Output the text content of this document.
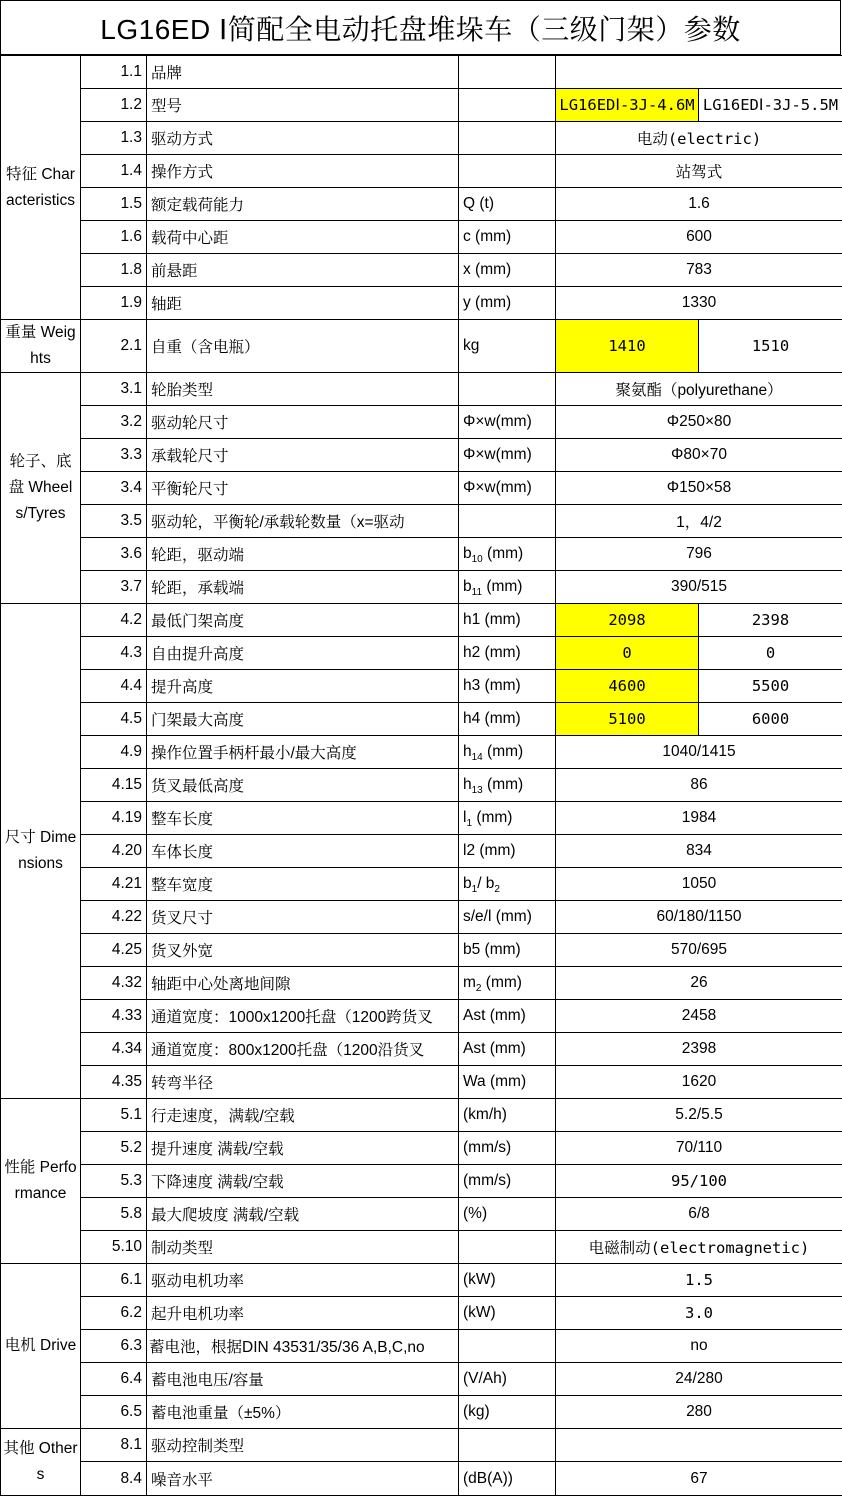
LG16ED Ⅰ简配全电动托盘堆垛车（三级门架）参数
特征 Characteristics	1.1	品牌			
	1.2	型号		LG16EDⅠ-3J-4.6M	LG16EDⅠ-3J-5.5M
	1.3	驱动方式		电动(electric)	
	1.4	操作方式		站驾式	
	1.5	额定载荷能力	Q (t)	1.6	
	1.6	载荷中心距	c (mm)	600	
	1.8	前悬距	x (mm)	783	
	1.9	轴距	y (mm)	1330	
重量 Weights	2.1	自重（含电瓶）	kg	1410	1510
轮子、底盘 Wheels/Tyres	3.1	轮胎类型		聚氨酯（polyurethane）	
	3.2	驱动轮尺寸	Φ×w(mm)	Φ250×80	
	3.3	承载轮尺寸	Φ×w(mm)	Φ80×70	
	3.4	平衡轮尺寸	Φ×w(mm)	Φ150×58	
	3.5	驱动轮，平衡轮/承载轮数量（x=驱动		1，4/2	
	3.6	轮距，驱动端	$b_{10}$ (mm)	796	
	3.7	轮距，承载端	$b_{11}$ (mm)	390/515	
尺寸 Dimensions	4.2	最低门架高度	h1 (mm)	2098	2398
	4.3	自由提升高度	h2 (mm)	0	0
	4.4	提升高度	h3 (mm)	4600	5500
	4.5	门架最大高度	h4 (mm)	5100	6000
	4.9	操作位置手柄杆最小/最大高度	$h_{14}$ (mm)	1040/1415	
	4.15	货叉最低高度	$h_{13}$ (mm)	86	
	4.19	整车长度	$l_1$ (mm)	1984	
	4.20	车体长度	l2 (mm)	834	
	4.21	整车宽度	$b_1/$ $b_2$	1050	
	4.22	货叉尺寸	s/e/l (mm)	60/180/1150	
	4.25	货叉外宽	b5 (mm)	570/695	
	4.32	轴距中心处离地间隙	$m_2$ (mm)	26	
	4.33	通道宽度：1000x1200托盘（1200跨货叉	Ast (mm)	2458	
	4.34	通道宽度：800x1200托盘（1200沿货叉	Ast (mm)	2398	
	4.35	转弯半径	Wa (mm)	1620	
性能 Performance	5.1	行走速度，满载/空载	(km/h)	5.2/5.5	
	5.2	提升速度 满载/空载	(mm/s)	70/110	
	5.3	下降速度 满载/空载	(mm/s)	95/100	
	5.8	最大爬坡度 满载/空载	(%)	6/8	
	5.10	制动类型		电磁制动(electromagnetic)	
电机 Drive	6.1	驱动电机功率	(kW)	1.5	
	6.2	起升电机功率	(kW)	3.0	
	6.3	蓄电池，根据DIN 43531/35/36 A,B,C,no		no	
	6.4	蓄电池电压/容量	(V/Ah)	24/280	
	6.5	蓄电池重量（±5%）	(kg)	280	
其他 Others	8.1	驱动控制类型			
	8.4	噪音水平	(dB(A))	67	
